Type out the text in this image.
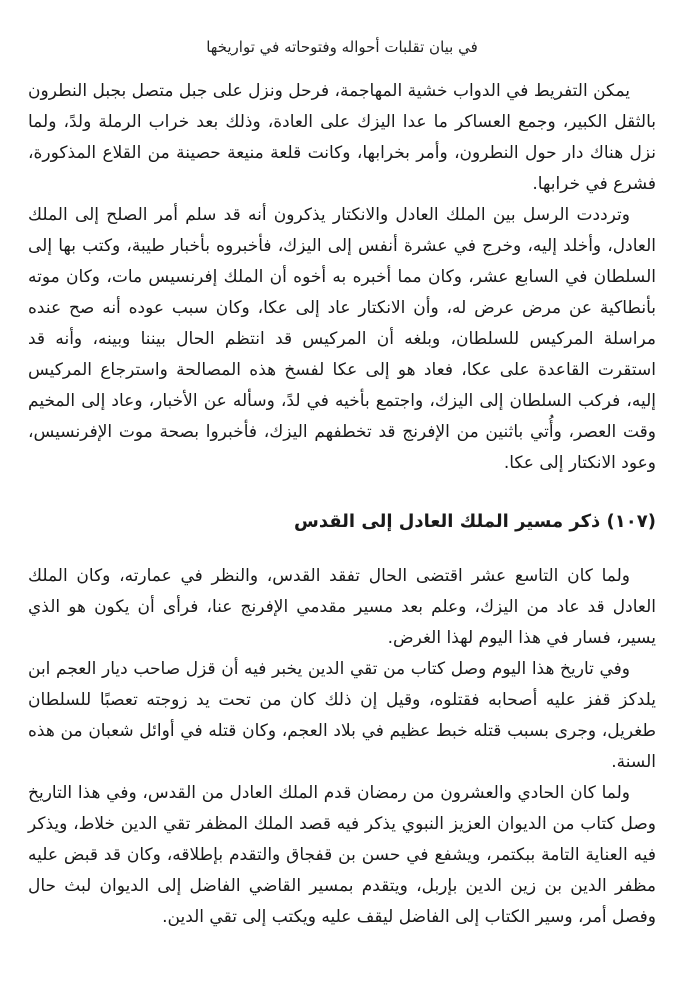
في بيان تقلبات أحواله وفتوحاته في تواريخها

يمكن التفريط في الدواب خشية المهاجمة، فرحل ونزل على جبل متصل بجبل النطرون بالثقل الكبير، وجمع العساكر ما عدا اليزك على العادة، وذلك بعد خراب الرملة ولدً، ولما نزل هناك دار حول النطرون، وأمر بخرابها، وكانت قلعة منيعة حصينة من القلاع المذكورة، فشرع في خرابها.

وترددت الرسل بين الملك العادل والانكتار يذكرون أنه قد سلم أمر الصلح إلى الملك العادل، وأخلد إليه، وخرج في عشرة أنفس إلى اليزك، فأخبروه بأخبار طيبة، وكتب بها إلى السلطان في السابع عشر، وكان مما أخبره به أخوه أن الملك إفرنسيس مات، وكان موته بأنطاكية عن مرض عرض له، وأن الانكتار عاد إلى عكا، وكان سبب عوده أنه صح عنده مراسلة المركيس للسلطان، وبلغه أن المركيس قد انتظم الحال بيننا وبينه، وأنه قد استقرت القاعدة على عكا، فعاد هو إلى عكا لفسخ هذه المصالحة واسترجاع المركيس إليه، فركب السلطان إلى اليزك، واجتمع بأخيه في لدً، وسأله عن الأخبار، وعاد إلى المخيم وقت العصر، وأُتي باثنين من الإفرنج قد تخطفهم اليزك، فأخبروا بصحة موت الإفرنسيس، وعود الانكتار إلى عكا.

(١٠٧) ذكر مسير الملك العادل إلى القدس

ولما كان التاسع عشر اقتضى الحال تفقد القدس، والنظر في عمارته، وكان الملك العادل قد عاد من اليزك، وعلم بعد مسير مقدمي الإفرنج عنا، فرأى أن يكون هو الذي يسير، فسار في هذا اليوم لهذا الغرض.

وفي تاريخ هذا اليوم وصل كتاب من تقي الدين يخبر فيه أن قزل صاحب ديار العجم ابن يلدكز قفز عليه أصحابه فقتلوه، وقيل إن ذلك كان من تحت يد زوجته تعصبًا للسلطان طغريل، وجرى بسبب قتله خبط عظيم في بلاد العجم، وكان قتله في أوائل شعبان من هذه السنة.

ولما كان الحادي والعشرون من رمضان قدم الملك العادل من القدس، وفي هذا التاريخ وصل كتاب من الديوان العزيز النبوي يذكر فيه قصد الملك المظفر تقي الدين خلاط، ويذكر فيه العناية التامة ببكتمر، ويشفع في حسن بن قفجاق والتقدم بإطلاقه، وكان قد قبض عليه مظفر الدين بن زين الدين بإربل، ويتقدم بمسير القاضي الفاضل إلى الديوان لبث حال وفصل أمر، وسير الكتاب إلى الفاضل ليقف عليه ويكتب إلى تقي الدين.
